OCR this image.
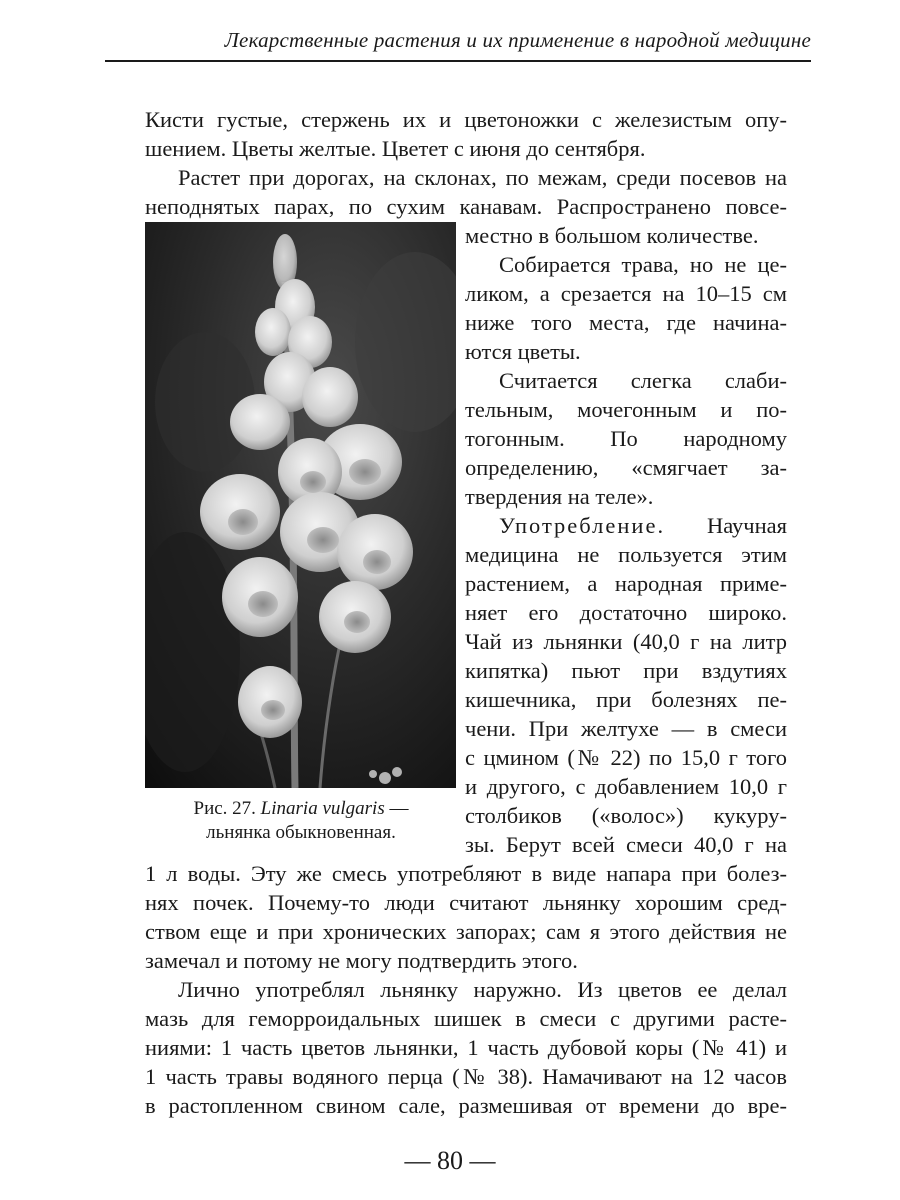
Лекарственные растения и их применение в народной медицине
Кисти густые, стержень их и цветоножки с железистым опу-
шением. Цветы желтые. Цветет с июня до сентября.
Растет при дорогах, на склонах, по межам, среди посевов на
неподнятых парах, по сухим канавам. Распространено повсе-
Рис. 27. Linaria vulgaris —
льнянка обыкновенная.
местно в большом количестве.
Собирается трава, но не це-
ликом, а срезается на 10–15 см
ниже того места, где начина-
ются цветы.
Считается слегка слаби-
тельным, мочегонным и по-
тогонным. По народному
определению, «смягчает за-
твердения на теле».
Употребление. Научная
медицина не пользуется этим
растением, а народная приме-
няет его достаточно широко.
Чай из льнянки (40,0 г на литр
кипятка) пьют при вздутиях
кишечника, при болезнях пе-
чени. При желтухе — в смеси
с цмином (№ 22) по 15,0 г того
и другого, с добавлением 10,0 г
столбиков («волос») кукуру-
зы. Берут всей смеси 40,0 г на
1 л воды. Эту же смесь употребляют в виде напара при болез-
нях почек. Почему-то люди считают льнянку хорошим сред-
ством еще и при хронических запорах; сам я этого действия не
замечал и потому не могу подтвердить этого.
Лично употреблял льнянку наружно. Из цветов ее делал
мазь для геморроидальных шишек в смеси с другими расте-
ниями: 1 часть цветов льнянки, 1 часть дубовой коры (№ 41) и
1 часть травы водяного перца (№ 38). Намачивают на 12 часов
в растопленном свином сале, размешивая от времени до вре-
— 80 —
